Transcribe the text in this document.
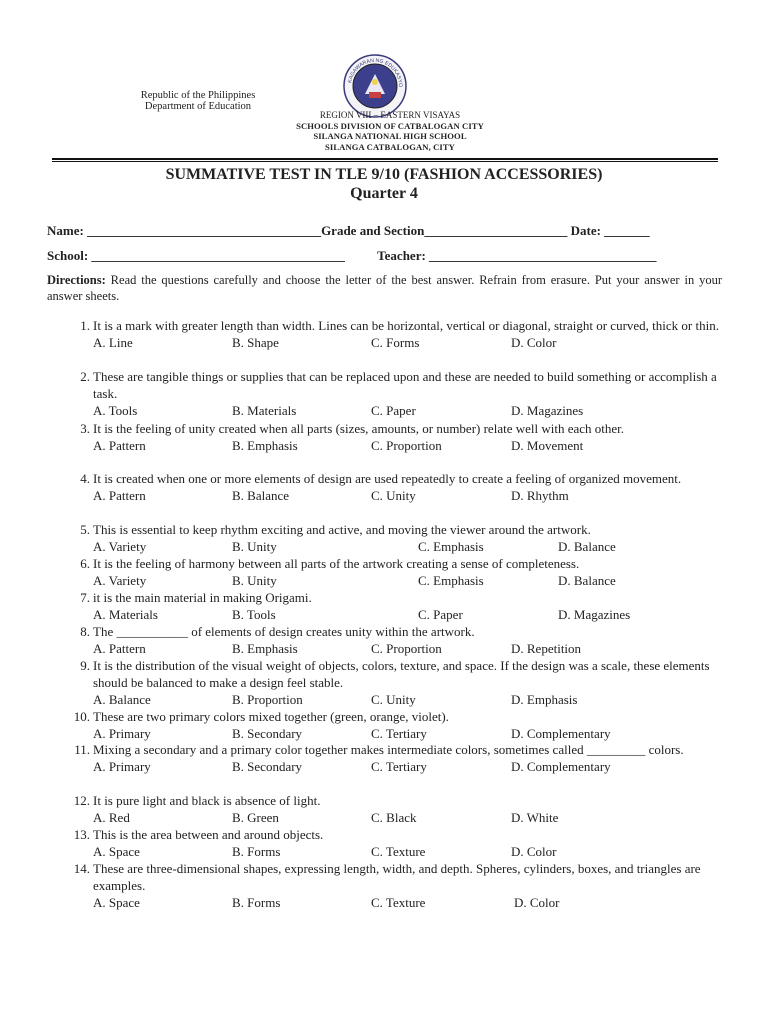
Republic of the Philippines
Department of Education
KAGAWARAN NG EDUKASYO
REGION VIII – EASTERN VISAYAS
SCHOOLS DIVISION OF CATBALOGAN CITY
SILANGA NATIONAL HIGH SCHOOL
SILANGA CATBALOGAN, CITY
SUMMATIVE TEST IN TLE 9/10 (FASHION ACCESSORIES)
Quarter 4
Name: ____________________________________Grade and Section______________________ Date: _______
School: _______________________________________          Teacher: ___________________________________
Directions: Read the questions carefully and choose the letter of the best answer. Refrain from erasure. Put your answer in your answer sheets.
1. It is a mark with greater length than width. Lines can be horizontal, vertical or diagonal, straight or curved, thick or thin.
A. Line	B. Shape	C. Forms	D. Color
2. These are tangible things or supplies that can be replaced upon and these are needed to build something or accomplish a task.
A. Tools	B. Materials	C. Paper	D. Magazines
3. It is the feeling of unity created when all parts (sizes, amounts, or number) relate well with each other.
A. Pattern	B. Emphasis	C. Proportion	D. Movement
4. It is created when one or more elements of design are used repeatedly to create a feeling of organized movement.
A. Pattern	B. Balance	C. Unity	D. Rhythm
5. This is essential to keep rhythm exciting and active, and moving the viewer around the artwork.
A. Variety	B. Unity	C. Emphasis	D. Balance
6. It is the feeling of harmony between all parts of the artwork creating a sense of completeness.
A. Variety	B. Unity	C. Emphasis	D. Balance
7. it is the main material in making Origami.
A. Materials	B. Tools	C. Paper	D. Magazines
8. The ___________ of elements of design creates unity within the artwork.
A. Pattern	B. Emphasis	C. Proportion	D. Repetition
9. It is the distribution of the visual weight of objects, colors, texture, and space. If the design was a scale, these elements should be balanced to make a design feel stable.
A. Balance	B. Proportion	C. Unity	D. Emphasis
10. These are two primary colors mixed together (green, orange, violet).
A. Primary	B. Secondary	C. Tertiary	D. Complementary
11. Mixing a secondary and a primary color together makes intermediate colors, sometimes called _________ colors.
A. Primary	B. Secondary	C. Tertiary	D. Complementary
12. It is pure light and black is absence of light.
A. Red	B. Green	C. Black	D. White
13. This is the area between and around objects.
A. Space	B. Forms	C. Texture	D. Color
14. These are three-dimensional shapes, expressing length, width, and depth. Spheres, cylinders, boxes, and triangles are examples.
A. Space	B. Forms	C. Texture	D. Color
